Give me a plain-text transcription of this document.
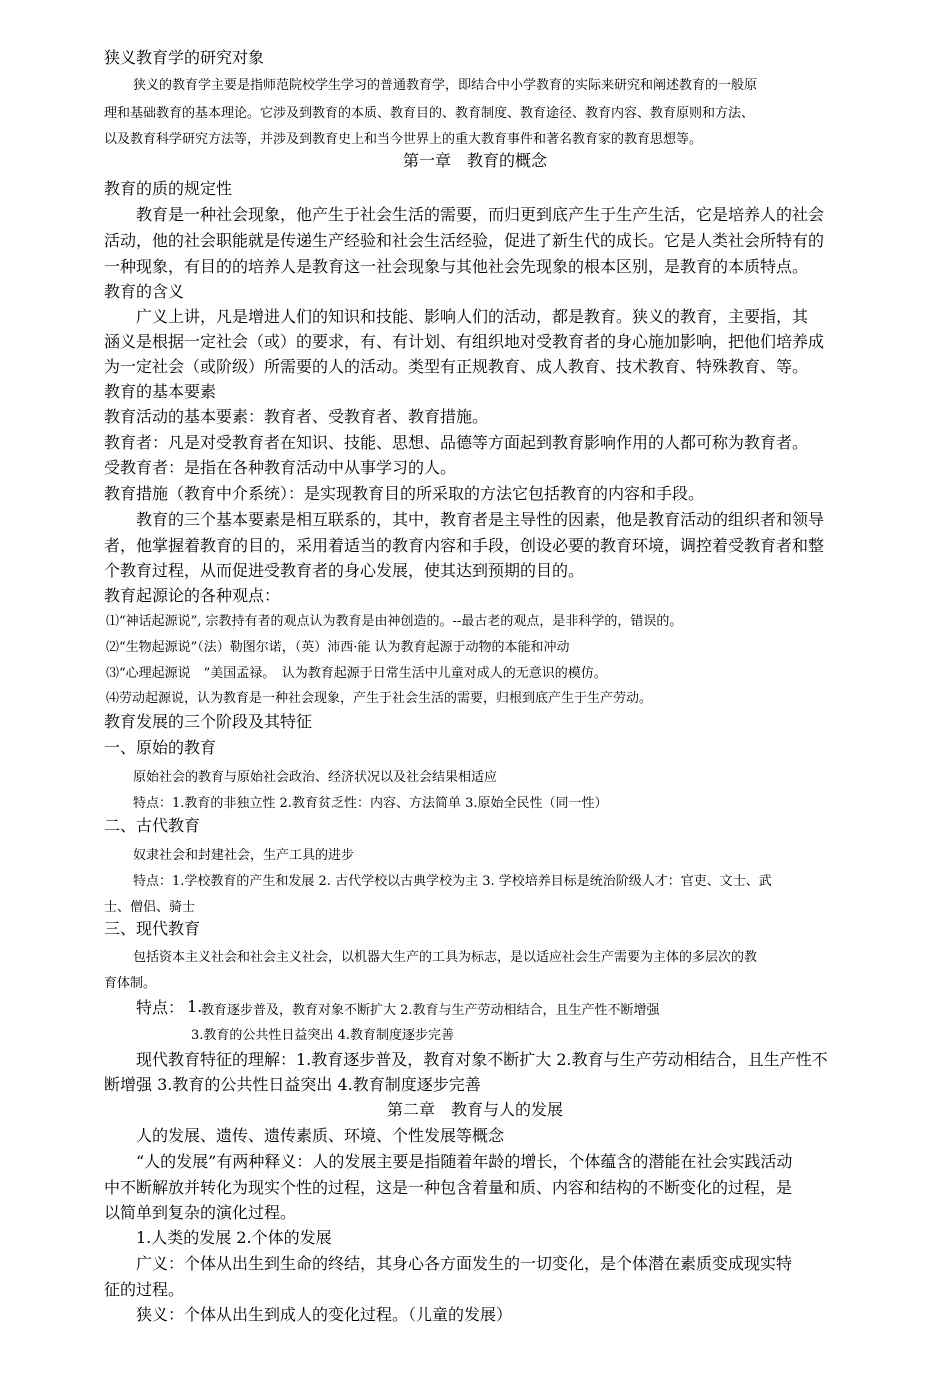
狭义教育学的研究对象
狭义的教育学主要是指师范院校学生学习的普通教育学，即结合中小学教育的实际来研究和阐述教育的一般原
理和基础教育的基本理论。它涉及到教育的本质、教育目的、教育制度、教育途径、教育内容、教育原则和方法、
以及教育科学研究方法等，并涉及到教育史上和当今世界上的重大教育事件和著名教育家的教育思想等。
第一章　教育的概念
教育的质的规定性
教育是一种社会现象，他产生于社会生活的需要，而归更到底产生于生产生活，它是培养人的社会
活动，他的社会职能就是传递生产经验和社会生活经验，促进了新生代的成长。它是人类社会所特有的
一种现象，有目的的培养人是教育这一社会现象与其他社会先现象的根本区别，是教育的本质特点。
教育的含义
广义上讲，凡是增进人们的知识和技能、影响人们的活动，都是教育。狭义的教育，主要指，其
涵义是根据一定社会（或）的要求，有、有计划、有组织地对受教育者的身心施加影响，把他们培养成
为一定社会（或阶级）所需要的人的活动。类型有正规教育、成人教育、技术教育、特殊教育、等。
教育的基本要素
教育活动的基本要素：教育者、受教育者、教育措施。
教育者：凡是对受教育者在知识、技能、思想、品德等方面起到教育影响作用的人都可称为教育者。
受教育者：是指在各种教育活动中从事学习的人。
教育措施（教育中介系统）：是实现教育目的所采取的方法它包括教育的内容和手段。
教育的三个基本要素是相互联系的，其中，教育者是主导性的因素，他是教育活动的组织者和领导
者，他掌握着教育的目的，采用着适当的教育内容和手段，创设必要的教育环境，调控着受教育者和整
个教育过程，从而促进受教育者的身心发展，使其达到预期的目的。
教育起源论的各种观点：
⑴“神话起源说”, 宗教持有者的观点认为教育是由神创造的。--最古老的观点，是非科学的，错误的。
⑵“生物起源说”（法）勒图尔诺，（英）沛西·能 认为教育起源于动物的本能和冲动
⑶“心理起源说　”美国孟禄。　认为教育起源于日常生活中儿童对成人的无意识的模仿。
⑷劳动起源说，认为教育是一种社会现象，产生于社会生活的需要，归根到底产生于生产劳动。
教育发展的三个阶段及其特征
一、原始的教育
原始社会的教育与原始社会政治、经济状况以及社会结果相适应
特点：1.教育的非独立性 2.教育贫乏性：内容、方法简单 3.原始全民性（同一性）
二、古代教育
奴隶社会和封建社会，生产工具的进步
特点：1.学校教育的产生和发展 2. 古代学校以古典学校为主 3. 学校培养目标是统治阶级人才：官吏、文士、武
士、僧侣、骑士
三、现代教育
包括资本主义社会和社会主义社会，以机器大生产的工具为标志，是以适应社会生产需要为主体的多层次的教
育体制。
特点： 1.
教育逐步普及，教育对象不断扩大 2.教育与生产劳动相结合，且生产性不断增强
3.教育的公共性日益突出 4.教育制度逐步完善
现代教育特征的理解：1.教育逐步普及，教育对象不断扩大 2.教育与生产劳动相结合，且生产性不
断增强 3.教育的公共性日益突出 4.教育制度逐步完善
第二章　教育与人的发展
人的发展、遗传、遗传素质、环境、个性发展等概念
“人的发展”有两种释义：人的发展主要是指随着年龄的增长，个体蕴含的潜能在社会实践活动
中不断解放并转化为现实个性的过程，这是一种包含着量和质、内容和结构的不断变化的过程，是
以简单到复杂的演化过程。
1.人类的发展 2.个体的发展
广义：个体从出生到生命的终结，其身心各方面发生的一切变化，是个体潜在素质变成现实特
征的过程。
狭义：个体从出生到成人的变化过程。（儿童的发展）
